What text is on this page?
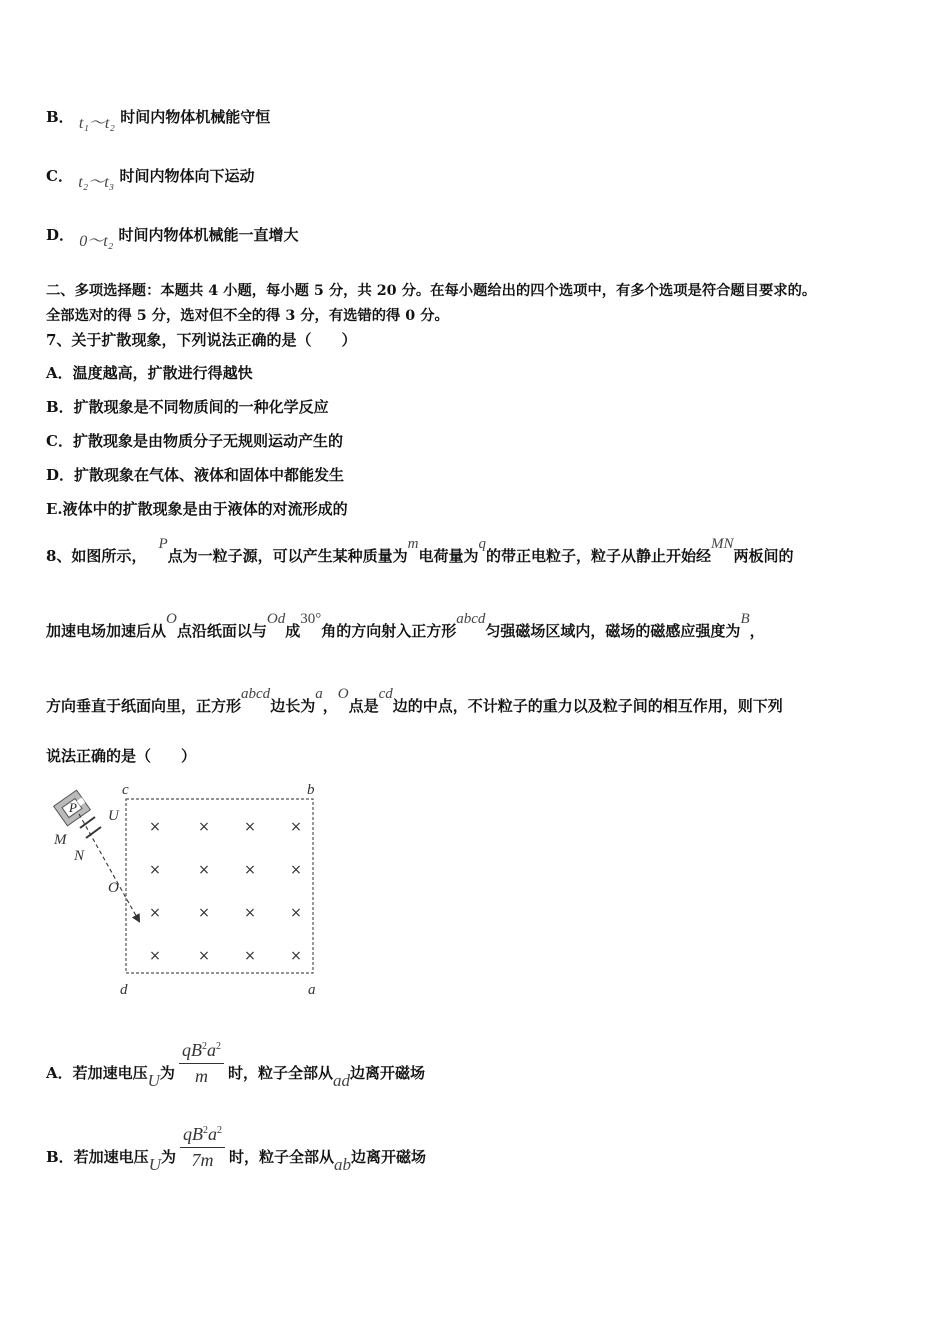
B． t₁～t₂ 时间内物体机械能守恒
C． t₂～t₃ 时间内物体向下运动
D． 0～t₂ 时间内物体机械能一直增大
二、多项选择题：本题共 4 小题，每小题 5 分，共 20 分。在每小题给出的四个选项中，有多个选项是符合题目要求的。
全部选对的得 5 分，选对但不全的得 3 分，有选错的得 0 分。
7、关于扩散现象，下列说法正确的是（　　）
A．温度越高，扩散进行得越快
B．扩散现象是不同物质间的一种化学反应
C．扩散现象是由物质分子无规则运动产生的
D．扩散现象在气体、液体和固体中都能发生
E.液体中的扩散现象是由于液体的对流形成的
8、如图所示，P点为一粒子源，可以产生某种质量为m电荷量为q的带正电粒子，粒子从静止开始经MN两板间的
加速电场加速后从O点沿纸面以与Od成30°角的方向射入正方形abcd匀强磁场区域内，磁场的磁感应强度为B，
方向垂直于纸面向里，正方形abcd边长为a，O点是cd边的中点，不计粒子的重力以及粒子间的相互作用，则下列
说法正确的是（　　）
c	b
d	a
×	× × ×
×	× × ×
×	× × ×
×	× × ×
P
U
M
N
O
A．若加速电压U为 $\frac{qB^2a^2}{m}$ 时，粒子全部从ad边离开磁场
B．若加速电压U为 $\frac{qB^2a^2}{7m}$ 时，粒子全部从ab边离开磁场
